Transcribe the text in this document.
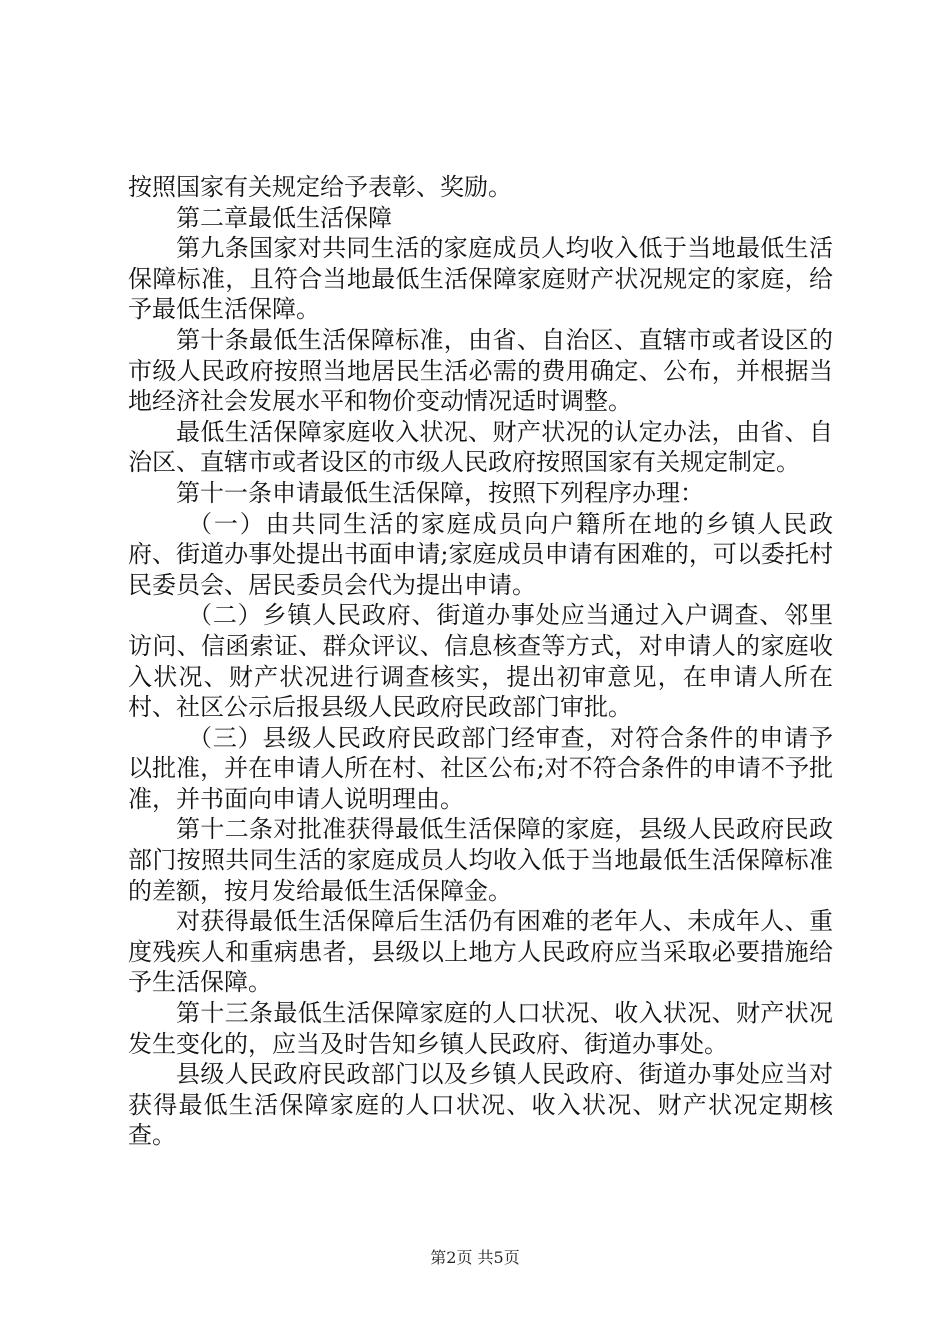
按照国家有关规定给予表彰、奖励。

第二章最低生活保障

第九条国家对共同生活的家庭成员人均收入低于当地最低生活保障标准，且符合当地最低生活保障家庭财产状况规定的家庭，给予最低生活保障。

第十条最低生活保障标准，由省、自治区、直辖市或者设区的市级人民政府按照当地居民生活必需的费用确定、公布，并根据当地经济社会发展水平和物价变动情况适时调整。

最低生活保障家庭收入状况、财产状况的认定办法，由省、自治区、直辖市或者设区的市级人民政府按照国家有关规定制定。

第十一条申请最低生活保障，按照下列程序办理：

（一）由共同生活的家庭成员向户籍所在地的乡镇人民政府、街道办事处提出书面申请;家庭成员申请有困难的，可以委托村民委员会、居民委员会代为提出申请。

（二）乡镇人民政府、街道办事处应当通过入户调查、邻里访问、信函索证、群众评议、信息核查等方式，对申请人的家庭收入状况、财产状况进行调查核实，提出初审意见，在申请人所在村、社区公示后报县级人民政府民政部门审批。

（三）县级人民政府民政部门经审查，对符合条件的申请予以批准，并在申请人所在村、社区公布;对不符合条件的申请不予批准，并书面向申请人说明理由。

第十二条对批准获得最低生活保障的家庭，县级人民政府民政部门按照共同生活的家庭成员人均收入低于当地最低生活保障标准的差额，按月发给最低生活保障金。

对获得最低生活保障后生活仍有困难的老年人、未成年人、重度残疾人和重病患者，县级以上地方人民政府应当采取必要措施给予生活保障。

第十三条最低生活保障家庭的人口状况、收入状况、财产状况发生变化的，应当及时告知乡镇人民政府、街道办事处。

县级人民政府民政部门以及乡镇人民政府、街道办事处应当对获得最低生活保障家庭的人口状况、收入状况、财产状况定期核查。

第2页 共5页
